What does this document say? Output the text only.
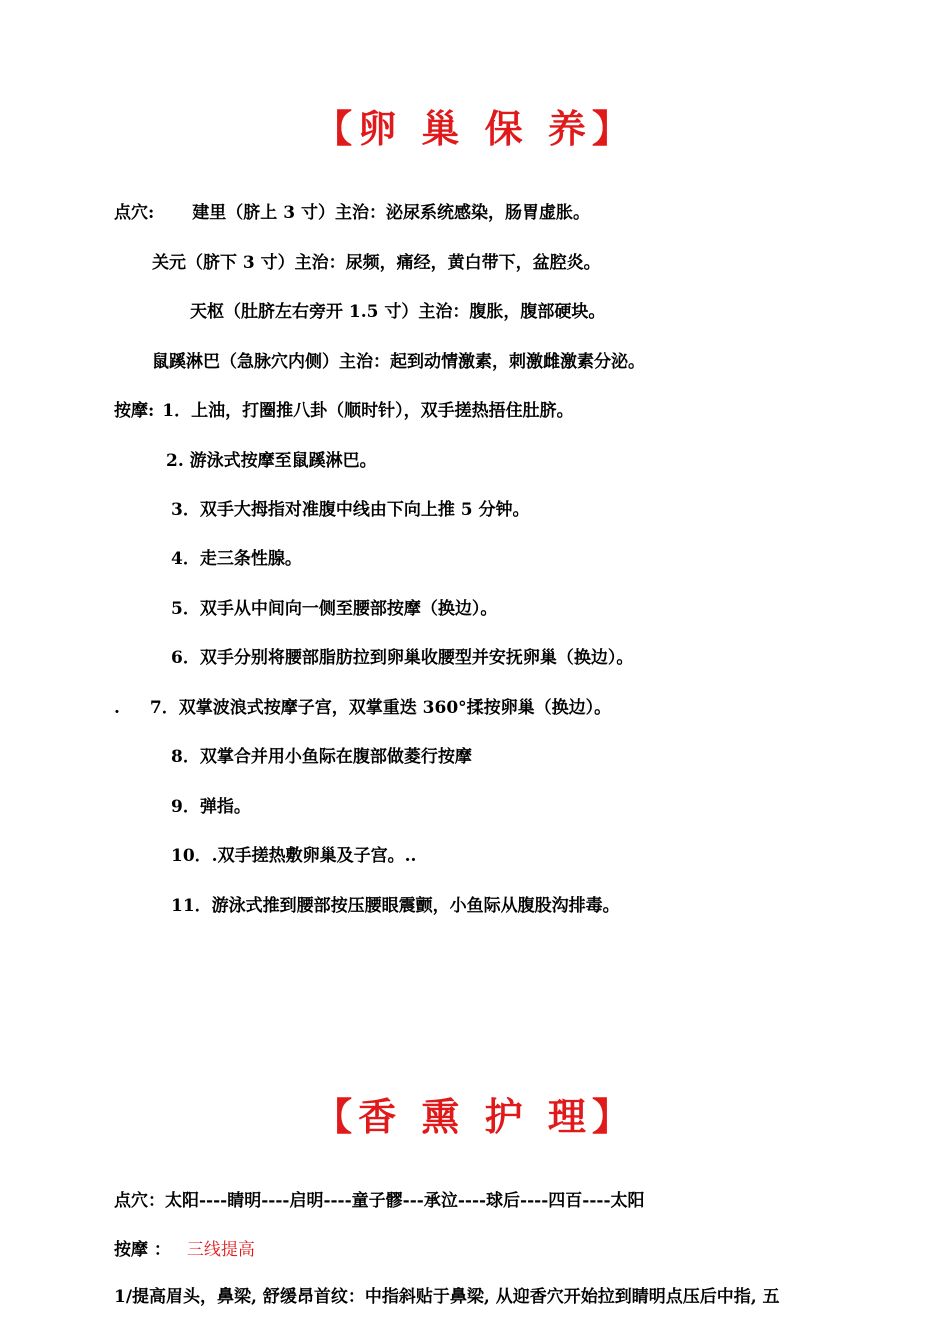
【卵 巢 保 养】
点穴: 建里（脐上 3 寸）主治：泌尿系统感染，肠胃虚胀。
关元（脐下 3 寸）主治：尿频，痛经，黄白带下，盆腔炎。
天枢（肚脐左右旁开 1.5 寸）主治：腹胀，腹部硬块。
鼠蹊淋巴（急脉穴内侧）主治：起到动情激素，刺激雌激素分泌。
按摩: 1．上油，打圈推八卦（顺时针），双手搓热捂住肚脐。
2. 游泳式按摩至鼠蹊淋巴。
3．双手大拇指对准腹中线由下向上推 5 分钟。
4．走三条性腺。
5．双手从中间向一侧至腰部按摩（换边）。
6．双手分别将腰部脂肪拉到卵巢收腰型并安抚卵巢（换边）。
. 7．双掌波浪式按摩子宫，双掌重迭 360°揉按卵巢（换边）。
8．双掌合并用小鱼际在腹部做菱行按摩
9．弹指。
10．.双手搓热敷卵巢及子宫。..
11．游泳式推到腰部按压腰眼震颤，小鱼际从腹股沟排毒。
【香 熏 护 理】
点穴：太阳----睛明----启明----童子髎---承泣----球后----四百----太阳
按摩 ： 三线提高
1/提高眉头，鼻梁, 舒缓昂首纹：中指斜贴于鼻梁, 从迎香穴开始拉到睛明点压后中指, 五
